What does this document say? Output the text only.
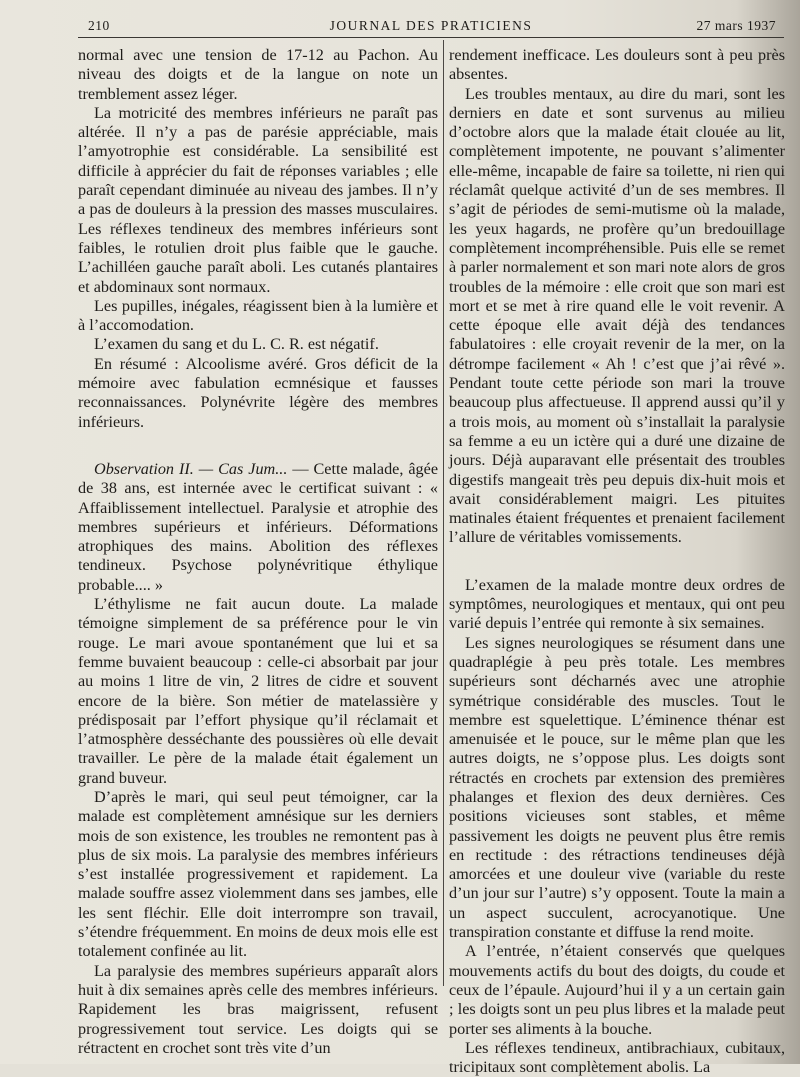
210	JOURNAL DES PRATICIENS	27 mars 1937

normal avec une tension de 17-12 au Pachon. Au niveau des doigts et de la langue on note un tremblement assez léger.

La motricité des membres inférieurs ne paraît pas altérée. Il n’y a pas de parésie appréciable, mais l’amyotrophie est considérable. La sensibilité est difficile à apprécier du fait de réponses variables ; elle paraît cependant diminuée au niveau des jambes. Il n’y a pas de douleurs à la pression des masses musculaires. Les réflexes tendineux des membres inférieurs sont faibles, le rotulien droit plus faible que le gauche. L’achilléen gauche paraît aboli. Les cutanés plantaires et abdominaux sont normaux.

Les pupilles, inégales, réagissent bien à la lumière et à l’accomodation.

L’examen du sang et du L. C. R. est négatif.

En résumé : Alcoolisme avéré. Gros déficit de la mémoire avec fabulation ecmnésique et fausses reconnaissances. Polynévrite légère des membres inférieurs.

Observation II. — Cas Jum... — Cette malade, âgée de 38 ans, est internée avec le certificat suivant : « Affaiblissement intellectuel. Paralysie et atrophie des membres supérieurs et inférieurs. Déformations atrophiques des mains. Abolition des réflexes tendineux. Psychose polynévritique éthylique probable.... »

L’éthylisme ne fait aucun doute. La malade témoigne simplement de sa préférence pour le vin rouge. Le mari avoue spontanément que lui et sa femme buvaient beaucoup : celle-ci absorbait par jour au moins 1 litre de vin, 2 litres de cidre et souvent encore de la bière. Son métier de matelassière y prédisposait par l’effort physique qu’il réclamait et l’atmosphère desséchante des poussières où elle devait travailler. Le père de la malade était également un grand buveur.

D’après le mari, qui seul peut témoigner, car la malade est complètement amnésique sur les derniers mois de son existence, les troubles ne remontent pas à plus de six mois. La paralysie des membres inférieurs s’est installée progressivement et rapidement. La malade souffre assez violemment dans ses jambes, elle les sent fléchir. Elle doit interrompre son travail, s’étendre fréquemment. En moins de deux mois elle est totalement confinée au lit.

La paralysie des membres supérieurs apparaît alors huit à dix semaines après celle des membres inférieurs. Rapidement les bras maigrissent, refusent progressivement tout service. Les doigts qui se rétractent en crochet sont très vite d’un

rendement inefficace. Les douleurs sont à peu près absentes.

Les troubles mentaux, au dire du mari, sont les derniers en date et sont survenus au milieu d’octobre alors que la malade était clouée au lit, complètement impotente, ne pouvant s’alimenter elle-même, incapable de faire sa toilette, ni rien qui réclamât quelque activité d’un de ses membres. Il s’agit de périodes de semi-mutisme où la malade, les yeux hagards, ne profère qu’un bredouillage complètement incompréhensible. Puis elle se remet à parler normalement et son mari note alors de gros troubles de la mémoire : elle croit que son mari est mort et se met à rire quand elle le voit revenir. A cette époque elle avait déjà des tendances fabulatoires : elle croyait revenir de la mer, on la détrompe facilement « Ah ! c’est que j’ai rêvé ». Pendant toute cette période son mari la trouve beaucoup plus affectueuse. Il apprend aussi qu’il y a trois mois, au moment où s’installait la paralysie sa femme a eu un ictère qui a duré une dizaine de jours. Déjà auparavant elle présentait des troubles digestifs mangeait très peu depuis dix-huit mois et avait considérablement maigri. Les pituites matinales étaient fréquentes et prenaient facilement l’allure de véritables vomissements.

L’examen de la malade montre deux ordres de symptômes, neurologiques et mentaux, qui ont peu varié depuis l’entrée qui remonte à six semaines.

Les signes neurologiques se résument dans une quadraplégie à peu près totale. Les membres supérieurs sont décharnés avec une atrophie symétrique considérable des muscles. Tout le membre est squelettique. L’éminence thénar est amenuisée et le pouce, sur le même plan que les autres doigts, ne s’oppose plus. Les doigts sont rétractés en crochets par extension des premières phalanges et flexion des deux dernières. Ces positions vicieuses sont stables, et même passivement les doigts ne peuvent plus être remis en rectitude : des rétractions tendineuses déjà amorcées et une douleur vive (variable du reste d’un jour sur l’autre) s’y opposent. Toute la main a un aspect succulent, acrocyanotique. Une transpiration constante et diffuse la rend moite.

A l’entrée, n’étaient conservés que quelques mouvements actifs du bout des doigts, du coude et ceux de l’épaule. Aujourd’hui il y a un certain gain ; les doigts sont un peu plus libres et la malade peut porter ses aliments à la bouche.

Les réflexes tendineux, antibrachiaux, cubitaux, tricipitaux sont complètement abolis. La
